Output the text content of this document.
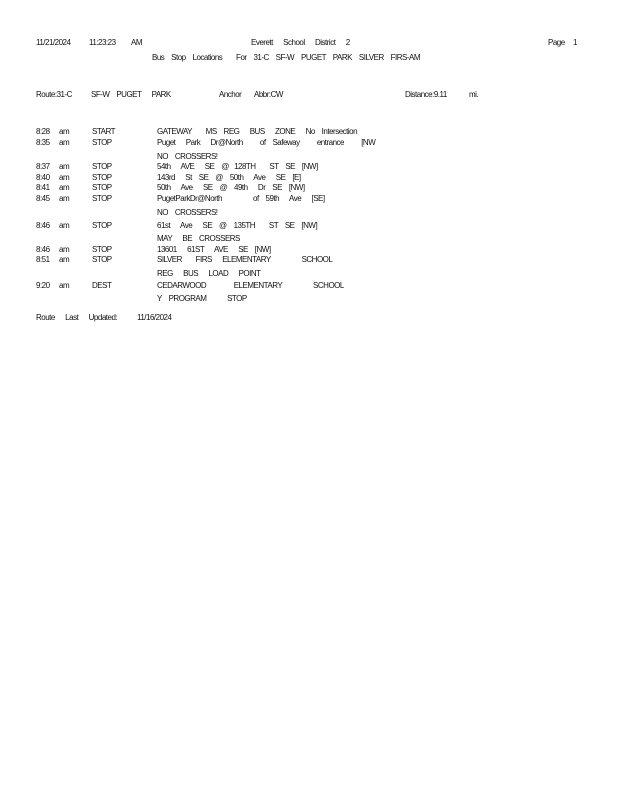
11/21/2024 11:23:23 AM	Everett      School      District      2	Page 1
Bus    Stop    Locations        For    31-C    SF-W    PUGET    PARK    SILVER    FIRS-AM
Route:31-C SF-W    PUGET      PARK	Anchor Abbr:CW	Distance:9.11	mi.
8:28 am	START	GATEWAY        MS    REG      BUS      ZONE      No    Intersection
8:35 am	STOP	Puget      Park      Dr@North          of    Safeway          entrance          [NW
NO    CROSSERS!
8:37 am	STOP	54th      AVE      SE    @   128TH        ST    SE    [NW]
8:40 am	STOP	143rd      St    SE    @    50th      Ave      SE    [E]
8:41 am	STOP	50th      Ave      SE    @    49th      Dr    SE    [NW]
8:45 am	STOP	PugetParkDr@North                  of    59th      Ave      [SE]
NO    CROSSERS!
8:46 am	STOP	61st      Ave      SE    @    135TH        ST    SE    [NW]
MAY      BE    CROSSERS
8:46 am	STOP	13601      61ST      AVE      SE    [NW]
8:51 am	STOP	SILVER        FIRS      ELEMENTARY                  SCHOOL
REG      BUS      LOAD      POINT
9:20 am	DEST	CEDARWOOD                ELEMENTARY                  SCHOOL
Y    PROGRAM            STOP
Route      Last      Updated: 11/16/2024
